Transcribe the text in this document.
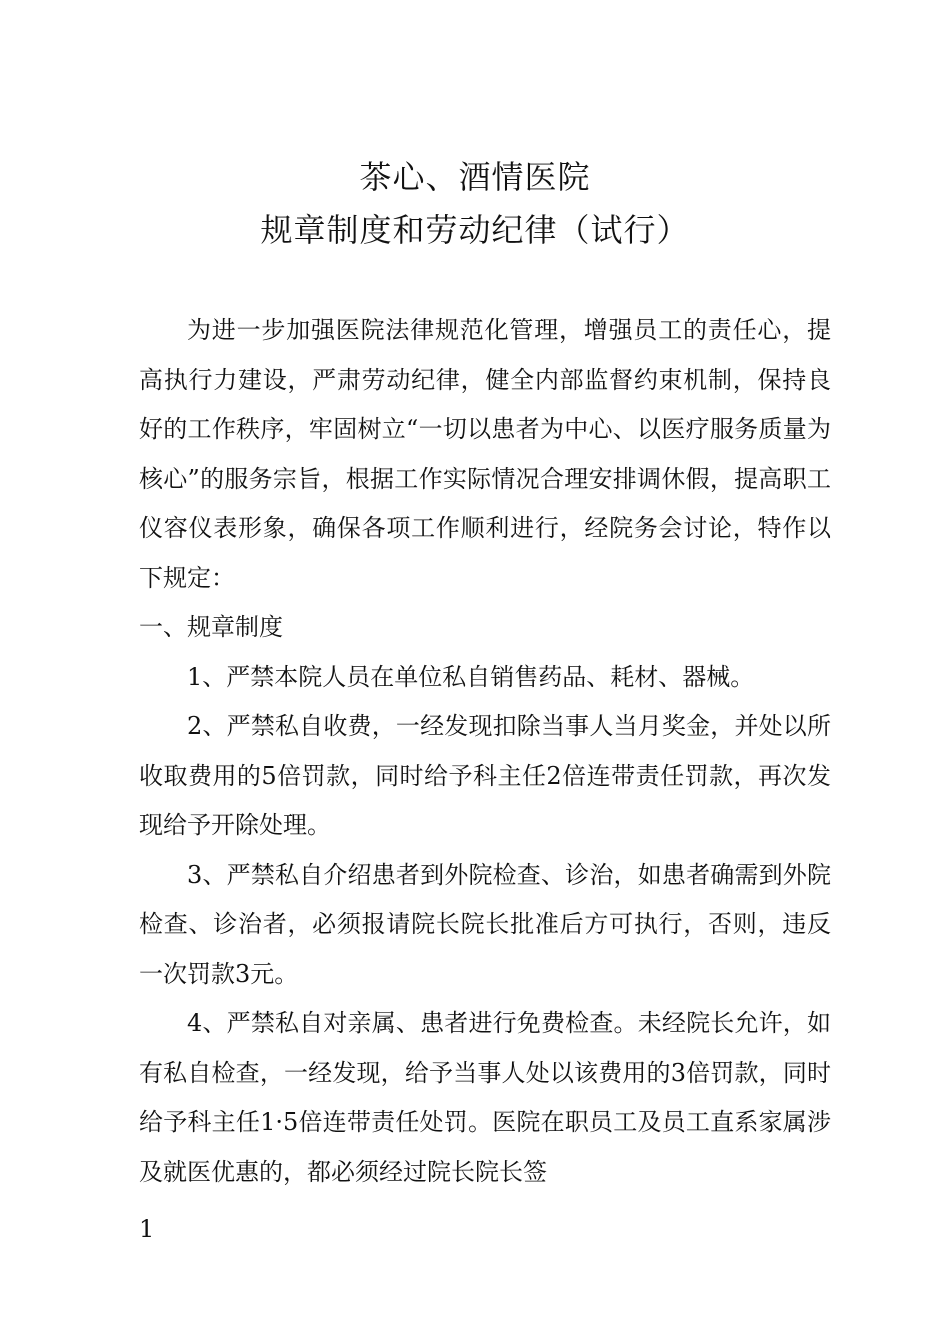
茶心、酒情医院
规章制度和劳动纪律（试行）

为进一步加强医院法律规范化管理，增强员工的责任心，提高执行力建设，严肃劳动纪律，健全内部监督约束机制，保持良好的工作秩序，牢固树立“一切以患者为中心、以医疗服务质量为核心”的服务宗旨，根据工作实际情况合理安排调休假，提高职工仪容仪表形象，确保各项工作顺利进行，经院务会讨论，特作以下规定：

一、规章制度

1、严禁本院人员在单位私自销售药品、耗材、器械。

2、严禁私自收费，一经发现扣除当事人当月奖金，并处以所收取费用的5倍罚款，同时给予科主任2倍连带责任罚款，再次发现给予开除处理。

3、严禁私自介绍患者到外院检查、诊治，如患者确需到外院检查、诊治者，必须报请院长院长批准后方可执行，否则，违反一次罚款3元。

4、严禁私自对亲属、患者进行免费检查。未经院长允许，如有私自检查，一经发现，给予当事人处以该费用的3倍罚款，同时给予科主任1·5倍连带责任处罚。医院在职员工及员工直系家属涉及就医优惠的，都必须经过院长院长签

1
